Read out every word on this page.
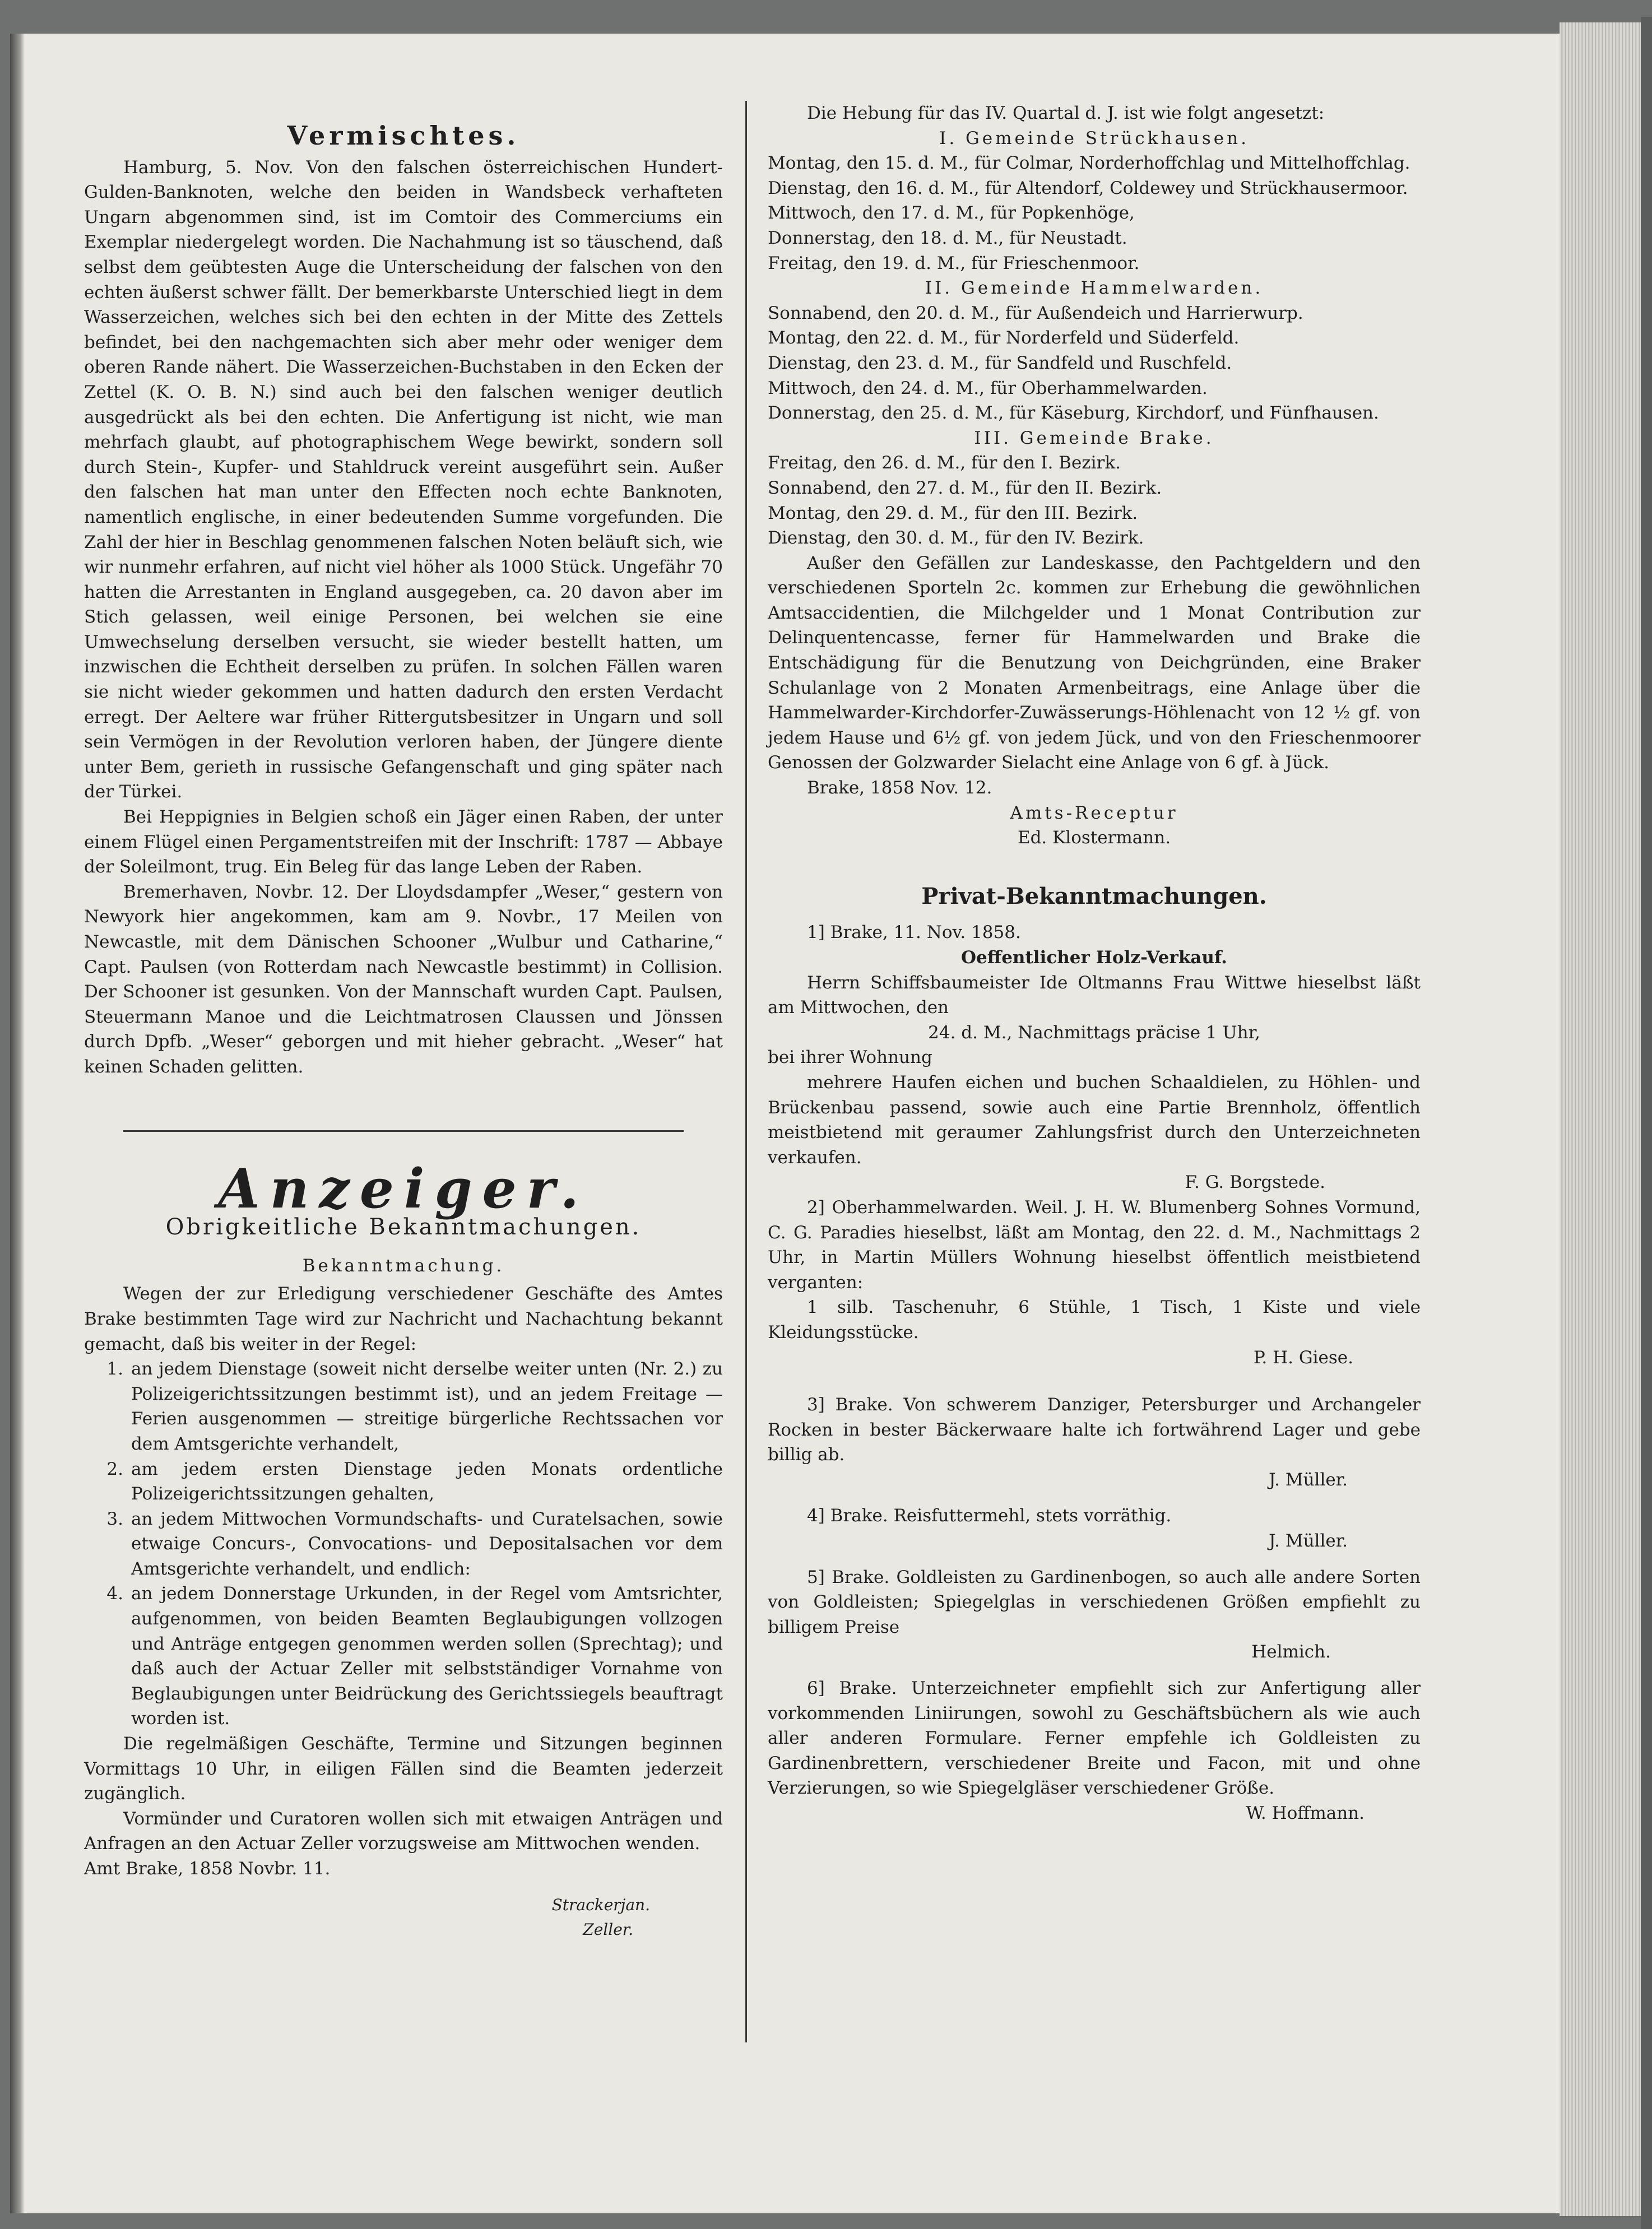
Vermischtes.

Hamburg, 5. Nov. Von den falschen österreichischen Hundert-Gulden-Banknoten, welche den beiden in Wandsbeck verhafteten Ungarn abgenommen sind, ist im Comtoir des Commerciums ein Exemplar niedergelegt worden. Die Nachahmung ist so täuschend, daß selbst dem geübtesten Auge die Unterscheidung der falschen von den echten äußerst schwer fällt. Der bemerkbarste Unterschied liegt in dem Wasserzeichen, welches sich bei den echten in der Mitte des Zettels befindet, bei den nachgemachten sich aber mehr oder weniger dem oberen Rande nähert. Die Wasserzeichen-Buchstaben in den Ecken der Zettel (K. O. B. N.) sind auch bei den falschen weniger deutlich ausgedrückt als bei den echten. Die Anfertigung ist nicht, wie man mehrfach glaubt, auf photographischem Wege bewirkt, sondern soll durch Stein-, Kupfer- und Stahldruck vereint ausgeführt sein. Außer den falschen hat man unter den Effecten noch echte Banknoten, namentlich englische, in einer bedeutenden Summe vorgefunden. Die Zahl der hier in Beschlag genommenen falschen Noten beläuft sich, wie wir nunmehr erfahren, auf nicht viel höher als 1000 Stück. Ungefähr 70 hatten die Arrestanten in England ausgegeben, ca. 20 davon aber im Stich gelassen, weil einige Personen, bei welchen sie eine Umwechselung derselben versucht, sie wieder bestellt hatten, um inzwischen die Echtheit derselben zu prüfen. In solchen Fällen waren sie nicht wieder gekommen und hatten dadurch den ersten Verdacht erregt. Der Aeltere war früher Rittergutsbesitzer in Ungarn und soll sein Vermögen in der Revolution verloren haben, der Jüngere diente unter Bem, gerieth in russische Gefangenschaft und ging später nach der Türkei.

Bei Heppignies in Belgien schoß ein Jäger einen Raben, der unter einem Flügel einen Pergamentstreifen mit der Inschrift: 1787 — Abbaye der Soleilmont, trug. Ein Beleg für das lange Leben der Raben.

Bremerhaven, Novbr. 12. Der Lloydsdampfer „Weser,“ gestern von Newyork hier angekommen, kam am 9. Novbr., 17 Meilen von Newcastle, mit dem Dänischen Schooner „Wulbur und Catharine,“ Capt. Paulsen (von Rotterdam nach Newcastle bestimmt) in Collision. Der Schooner ist gesunken. Von der Mannschaft wurden Capt. Paulsen, Steuermann Manoe und die Leichtmatrosen Claussen und Jönssen durch Dpfb. „Weser“ geborgen und mit hieher gebracht. „Weser“ hat keinen Schaden gelitten.

Anzeiger.
Obrigkeitliche Bekanntmachungen.
Bekanntmachung.

Wegen der zur Erledigung verschiedener Geschäfte des Amtes Brake bestimmten Tage wird zur Nachricht und Nachachtung bekannt gemacht, daß bis weiter in der Regel:

1. an jedem Dienstage (soweit nicht derselbe weiter unten (Nr. 2.) zu Polizeigerichtssitzungen bestimmt ist), und an jedem Freitage — Ferien ausgenommen — streitige bürgerliche Rechtssachen vor dem Amtsgerichte verhandelt,
2. am jedem ersten Dienstage jeden Monats ordentliche Polizeigerichtssitzungen gehalten,
3. an jedem Mittwochen Vormundschafts- und Curatelsachen, sowie etwaige Concurs-, Convocations- und Depositalsachen vor dem Amtsgerichte verhandelt, und endlich:
4. an jedem Donnerstage Urkunden, in der Regel vom Amtsrichter, aufgenommen, von beiden Beamten Beglaubigungen vollzogen und Anträge entgegen genommen werden sollen (Sprechtag); und daß auch der Actuar Zeller mit selbstständiger Vornahme von Beglaubigungen unter Beidrückung des Gerichtssiegels beauftragt worden ist.

Die regelmäßigen Geschäfte, Termine und Sitzungen beginnen Vormittags 10 Uhr, in eiligen Fällen sind die Beamten jederzeit zugänglich.

Vormünder und Curatoren wollen sich mit etwaigen Anträgen und Anfragen an den Actuar Zeller vorzugsweise am Mittwochen wenden.

Amt Brake, 1858 Novbr. 11.

Strackerjan.
Zeller.

Die Hebung für das IV. Quartal d. J. ist wie folgt angesetzt:

I. Gemeinde Strückhausen.

Montag, den 15. d. M., für Colmar, Norderhoffchlag und Mittelhoffchlag.

Dienstag, den 16. d. M., für Altendorf, Coldewey und Strückhausermoor.

Mittwoch, den 17. d. M., für Popkenhöge,

Donnerstag, den 18. d. M., für Neustadt.

Freitag, den 19. d. M., für Frieschenmoor.

II. Gemeinde Hammelwarden.

Sonnabend, den 20. d. M., für Außendeich und Harrierwurp.

Montag, den 22. d. M., für Norderfeld und Süderfeld.

Dienstag, den 23. d. M., für Sandfeld und Ruschfeld.

Mittwoch, den 24. d. M., für Oberhammelwarden.

Donnerstag, den 25. d. M., für Käseburg, Kirchdorf, und Fünfhausen.

III. Gemeinde Brake.

Freitag, den 26. d. M., für den I. Bezirk.

Sonnabend, den 27. d. M., für den II. Bezirk.

Montag, den 29. d. M., für den III. Bezirk.

Dienstag, den 30. d. M., für den IV. Bezirk.

Außer den Gefällen zur Landeskasse, den Pachtgeldern und den verschiedenen Sporteln 2c. kommen zur Erhebung die gewöhnlichen Amtsaccidentien, die Milchgelder und 1 Monat Contribution zur Delinquentencasse, ferner für Hammelwarden und Brake die Entschädigung für die Benutzung von Deichgründen, eine Braker Schulanlage von 2 Monaten Armenbeitrags, eine Anlage über die Hammelwarder-Kirchdorfer-Zuwässerungs-Höhlenacht von 12 ½ gf. von jedem Hause und 6½ gf. von jedem Jück, und von den Frieschenmoorer Genossen der Golzwarder Sielacht eine Anlage von 6 gf. à Jück.

Brake, 1858 Nov. 12.

Amts-Receptur
Ed. Klostermann.
Privat-Bekanntmachungen.

1] Brake, 11. Nov. 1858.

Oeffentlicher Holz-Verkauf.

Herrn Schiffsbaumeister Ide Oltmanns Frau Wittwe hieselbst läßt am Mittwochen, den

24. d. M., Nachmittags präcise 1 Uhr,

bei ihrer Wohnung

mehrere Haufen eichen und buchen Schaaldielen, zu Höhlen- und Brückenbau passend, sowie auch eine Partie Brennholz, öffentlich meistbietend mit geraumer Zahlungsfrist durch den Unterzeichneten verkaufen.

F. G. Borgstede.

2] Oberhammelwarden. Weil. J. H. W. Blumenberg Sohnes Vormund, C. G. Paradies hieselbst, läßt am Montag, den 22. d. M., Nachmittags 2 Uhr, in Martin Müllers Wohnung hieselbst öffentlich meistbietend verganten:

1 silb. Taschenuhr, 6 Stühle, 1 Tisch, 1 Kiste und viele Kleidungsstücke.

P. H. Giese.

3] Brake. Von schwerem Danziger, Petersburger und Archangeler Rocken in bester Bäckerwaare halte ich fortwährend Lager und gebe billig ab.

J. Müller.

4] Brake. Reisfuttermehl, stets vorräthig.

J. Müller.

5] Brake. Goldleisten zu Gardinenbogen, so auch alle andere Sorten von Goldleisten; Spiegelglas in verschiedenen Größen empfiehlt zu billigem Preise

Helmich.

6] Brake. Unterzeichneter empfiehlt sich zur Anfertigung aller vorkommenden Liniirungen, sowohl zu Geschäftsbüchern als wie auch aller anderen Formulare. Ferner empfehle ich Goldleisten zu Gardinenbrettern, verschiedener Breite und Facon, mit und ohne Verzierungen, so wie Spiegelgläser verschiedener Größe.

W. Hoffmann.
